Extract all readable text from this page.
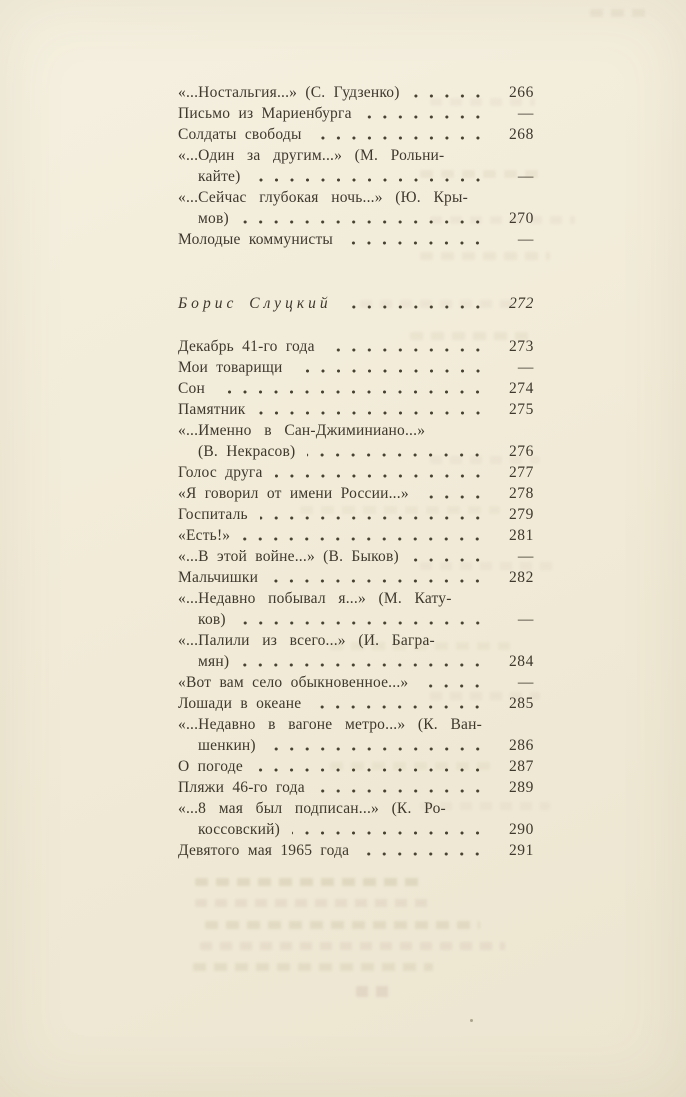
«...Ностальгия...» (С. Гудзенко)	266
Письмо из Мариенбурга	—
Солдаты свободы	268
«...Один за другим...» (М. Рольни-
кайте)	—
«...Сейчас глубокая ночь...» (Ю. Кры-
мов)	270
Молодые коммунисты	—
Борис Слуцкий	272
Декабрь 41-го года	273
Мои товарищи	—
Сон	274
Памятник	275
«...Именно в Сан-Джиминиано...»
(В. Некрасов)	276
Голос друга	277
«Я говорил от имени России...»	278
Госпиталь	279
«Есть!»	281
«...В этой войне...» (В. Быков)	—
Мальчишки	282
«...Недавно побывал я...» (М. Кату-
ков)	—
«...Палили из всего...» (И. Багра-
мян)	284
«Вот вам село обыкновенное...»	—
Лошади в океане	285
«...Недавно в вагоне метро...» (К. Ван-
шенкин)	286
О погоде	287
Пляжи 46-го года	289
«...8 мая был подписан...» (К. Ро-
коссовский)	290
Девятого мая 1965 года	291
